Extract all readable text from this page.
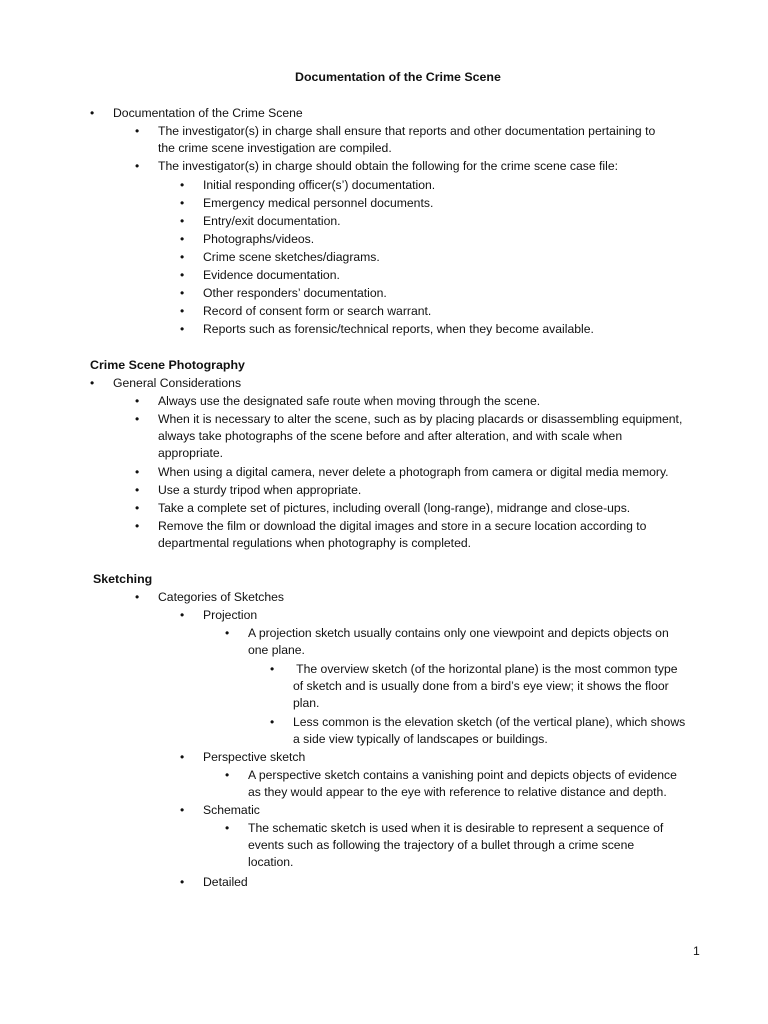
Documentation of the Crime Scene
• Documentation of the Crime Scene
• The investigator(s) in charge shall ensure that reports and other documentation pertaining to
the crime scene investigation are compiled.
• The investigator(s) in charge should obtain the following for the crime scene case file:
• Initial responding officer(s’) documentation.
• Emergency medical personnel documents.
• Entry/exit documentation.
• Photographs/videos.
• Crime scene sketches/diagrams.
• Evidence documentation.
• Other responders’ documentation.
• Record of consent form or search warrant.
• Reports such as forensic/technical reports, when they become available.
Crime Scene Photography
• General Considerations
• Always use the designated safe route when moving through the scene.
• When it is necessary to alter the scene, such as by placing placards or disassembling equipment,
always take photographs of the scene before and after alteration, and with scale when
appropriate.
• When using a digital camera, never delete a photograph from camera or digital media memory.
• Use a sturdy tripod when appropriate.
• Take a complete set of pictures, including overall (long-range), midrange and close-ups.
• Remove the film or download the digital images and store in a secure location according to
departmental regulations when photography is completed.
Sketching
• Categories of Sketches
• Projection
• A projection sketch usually contains only one viewpoint and depicts objects on
one plane.
• The overview sketch (of the horizontal plane) is the most common type
of sketch and is usually done from a bird’s eye view; it shows the floor
plan.
• Less common is the elevation sketch (of the vertical plane), which shows
a side view typically of landscapes or buildings.
• Perspective sketch
• A perspective sketch contains a vanishing point and depicts objects of evidence
as they would appear to the eye with reference to relative distance and depth.
• Schematic
• The schematic sketch is used when it is desirable to represent a sequence of
events such as following the trajectory of a bullet through a crime scene
location.
• Detailed
1
